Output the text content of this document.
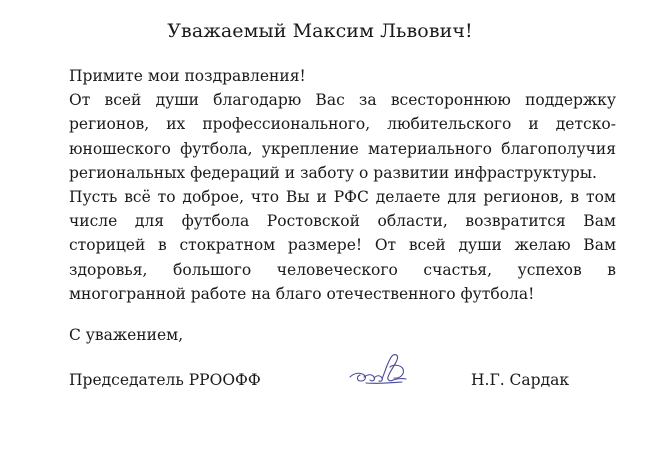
Уважаемый Максим Львович!

Примите мои поздравления!

От всей души благодарю Вас за всестороннюю поддержку регионов, их профессионального, любительского и детско-юношеского футбола, укрепление материального благополучия региональных федераций и заботу о развитии инфраструктуры.

Пусть всё то доброе, что Вы и РФС делаете для регионов, в том числе для футбола Ростовской области, возвратится Вам сторицей в стократном размере! От всей души желаю Вам здоровья, большого человеческого счастья, успехов в многогранной работе на благо отечественного футбола!

С уважением,
Председатель РРООФФ	Н.Г. Сардак
